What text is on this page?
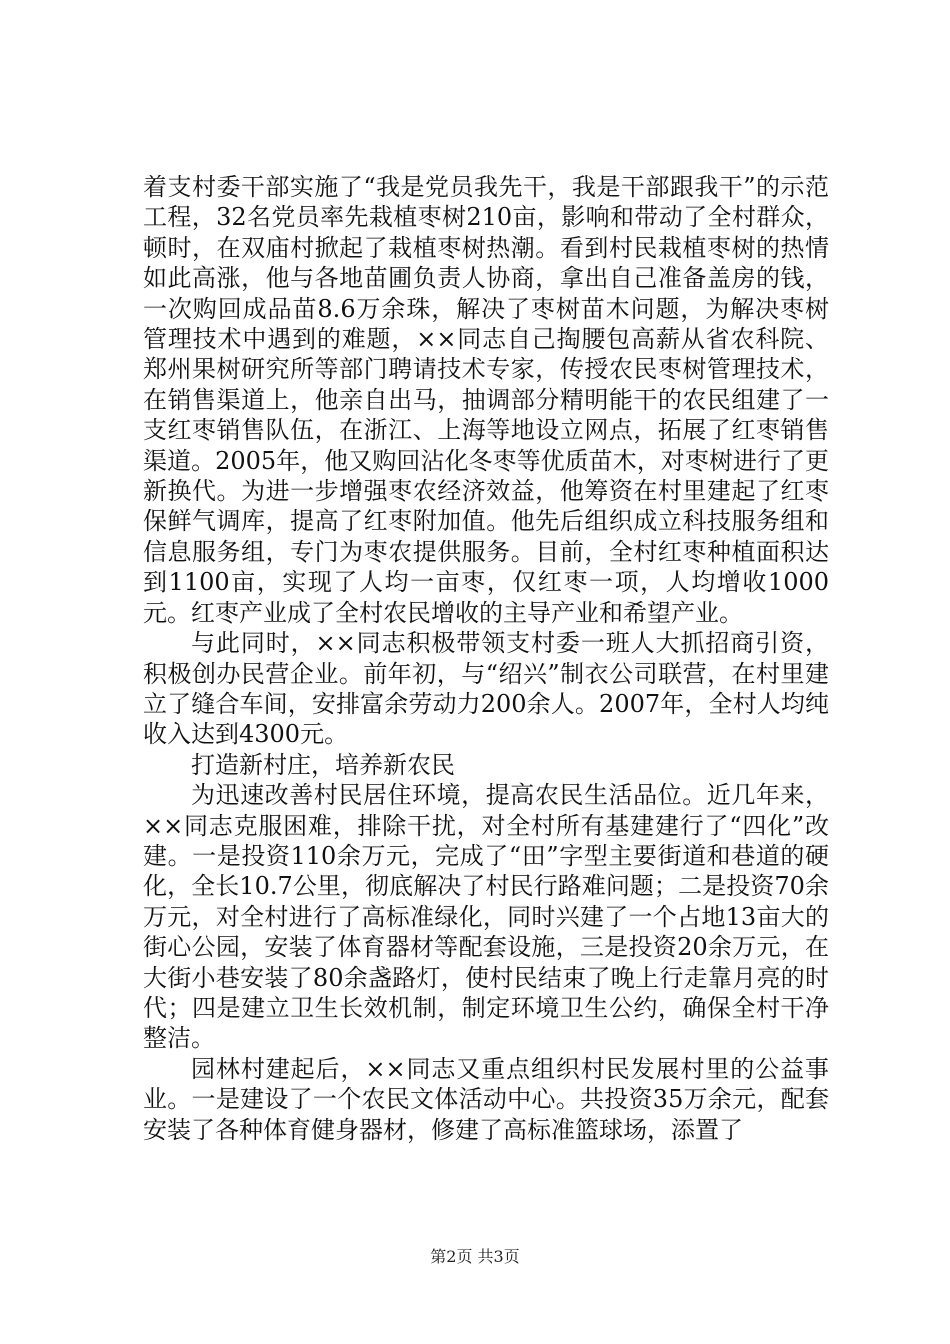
着支村委干部实施了“我是党员我先干，我是干部跟我干”的示范工程，32名党员率先栽植枣树210亩，影响和带动了全村群众，顿时，在双庙村掀起了栽植枣树热潮。看到村民栽植枣树的热情如此高涨，他与各地苗圃负责人协商，拿出自己准备盖房的钱，一次购回成品苗8.6万余珠，解决了枣树苗木问题，为解决枣树管理技术中遇到的难题，××同志自己掏腰包高薪从省农科院、郑州果树研究所等部门聘请技术专家，传授农民枣树管理技术，在销售渠道上，他亲自出马，抽调部分精明能干的农民组建了一支红枣销售队伍，在浙江、上海等地设立网点，拓展了红枣销售渠道。2005年，他又购回沾化冬枣等优质苗木，对枣树进行了更新换代。为进一步增强枣农经济效益，他筹资在村里建起了红枣保鲜气调库，提高了红枣附加值。他先后组织成立科技服务组和信息服务组，专门为枣农提供服务。目前，全村红枣种植面积达到1100亩，实现了人均一亩枣，仅红枣一项，人均增收1000元。红枣产业成了全村农民增收的主导产业和希望产业。

与此同时，××同志积极带领支村委一班人大抓招商引资，积极创办民营企业。前年初，与“绍兴”制衣公司联营，在村里建立了缝合车间，安排富余劳动力200余人。2007年，全村人均纯收入达到4300元。

打造新村庄，培养新农民

为迅速改善村民居住环境，提高农民生活品位。近几年来，××同志克服困难，排除干扰，对全村所有基建建行了“四化”改建。一是投资110余万元，完成了“田”字型主要街道和巷道的硬化，全长10.7公里，彻底解决了村民行路难问题；二是投资70余万元，对全村进行了高标准绿化，同时兴建了一个占地13亩大的街心公园，安装了体育器材等配套设施，三是投资20余万元，在大街小巷安装了80余盏路灯，使村民结束了晚上行走靠月亮的时代；四是建立卫生长效机制，制定环境卫生公约，确保全村干净整洁。

园林村建起后，××同志又重点组织村民发展村里的公益事业。一是建设了一个农民文体活动中心。共投资35万余元，配套安装了各种体育健身器材，修建了高标准篮球场，添置了

第2页 共3页
